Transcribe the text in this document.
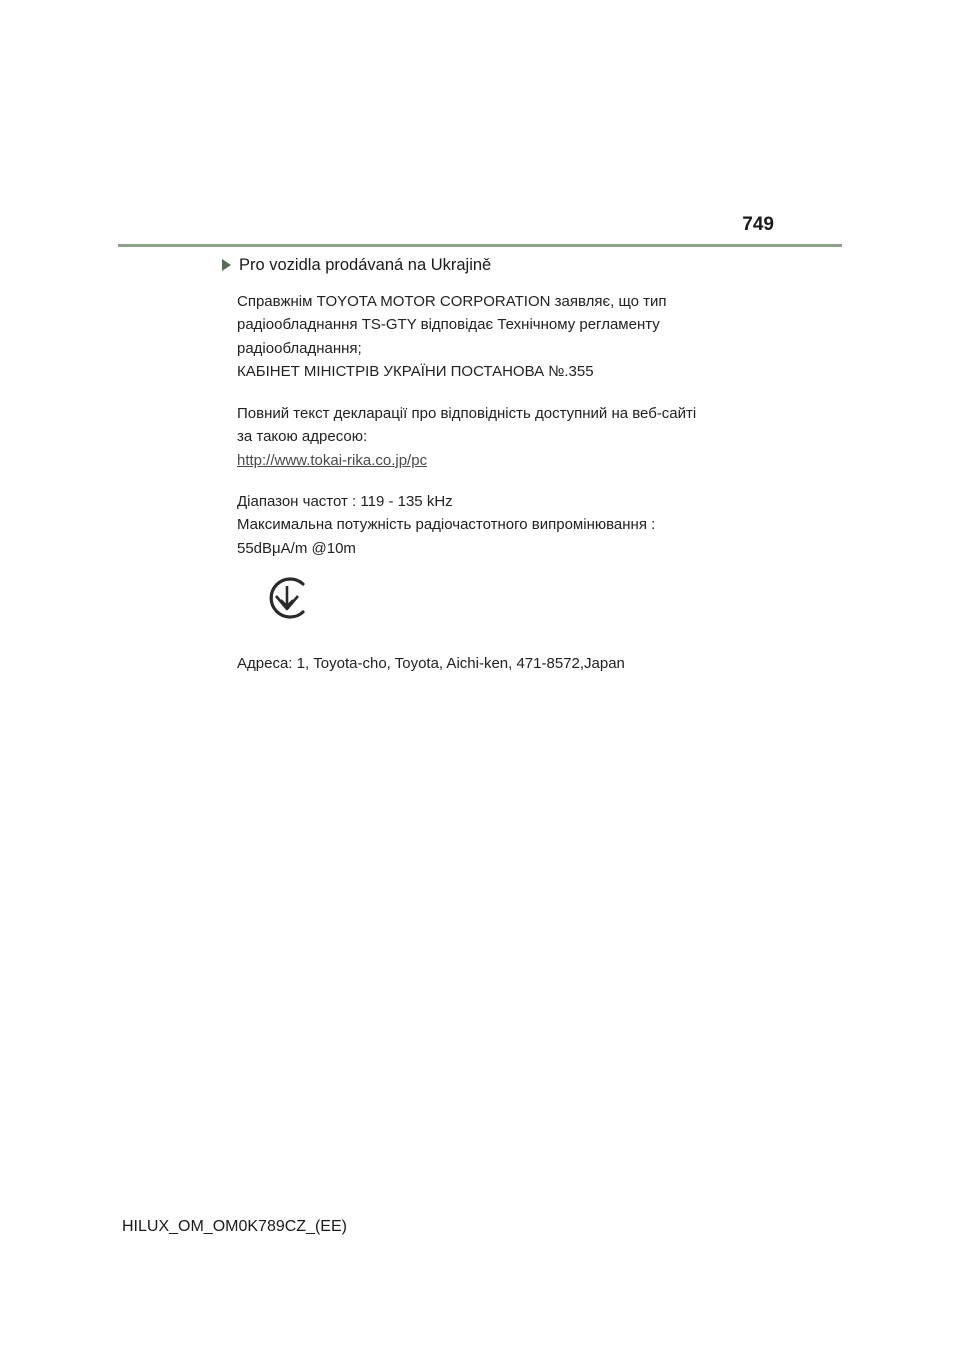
749
Pro vozidla prodávaná na Ukrajině
Справжнім TOYOTA MOTOR CORPORATION заявляє, що тип
радіообладнання TS-GTY відповідає Технічному регламенту
радіообладнання;
КАБІНЕТ МІНІСТРІВ УКРАЇНИ ПОСТАНОВА №.355
Повний текст декларації про відповідність доступний на веб-сайті
за такою адресою:
http://www.tokai-rika.co.jp/pc
Діапазон частот : 119 - 135 kHz
Максимальна потужність радіочастотного випромінювання :
55dBμA/m @10m
Адреса: 1, Toyota-cho, Toyota, Aichi-ken, 471-8572,Japan
HILUX_OM_OM0K789CZ_(EE)
